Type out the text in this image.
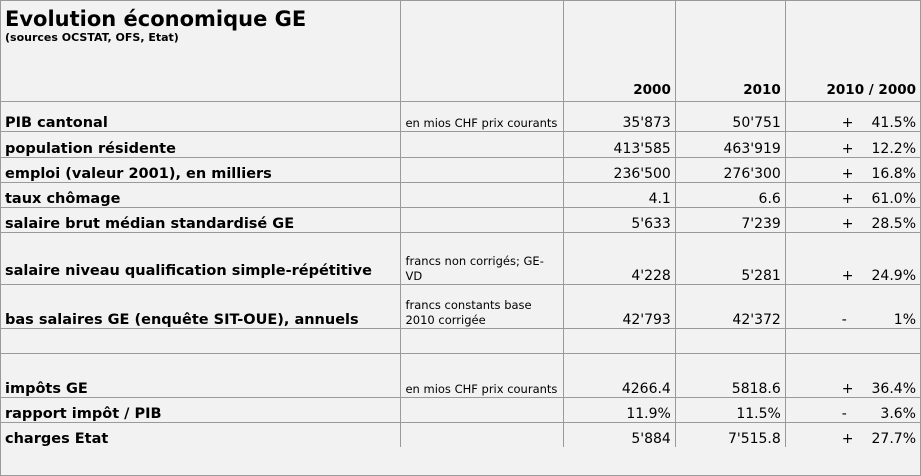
Evolution économique GE
(sources OCSTAT, OFS, Etat)		2000	2010	2010 / 2000
PIB cantonal	en mios CHF prix courants	35'873	50'751	+ 41.5%
population résidente		413'585	463'919	+ 12.2%
emploi (valeur 2001), en milliers		236'500	276'300	+ 16.8%
taux chômage		4.1	6.6	+ 61.0%
salaire brut médian standardisé GE		5'633	7'239	+ 28.5%
salaire niveau qualification simple-répétitive	francs non corrigés; GE-VD	4'228	5'281	+ 24.9%
bas salaires GE (enquête SIT-OUE), annuels	francs constants base 2010 corrigée	42'793	42'372	- 1%

impôts GE	en mios CHF prix courants	4266.4	5818.6	+ 36.4%
rapport impôt / PIB		11.9%	11.5%	- 3.6%
charges Etat		5'884	7'515.8	+ 27.7%
